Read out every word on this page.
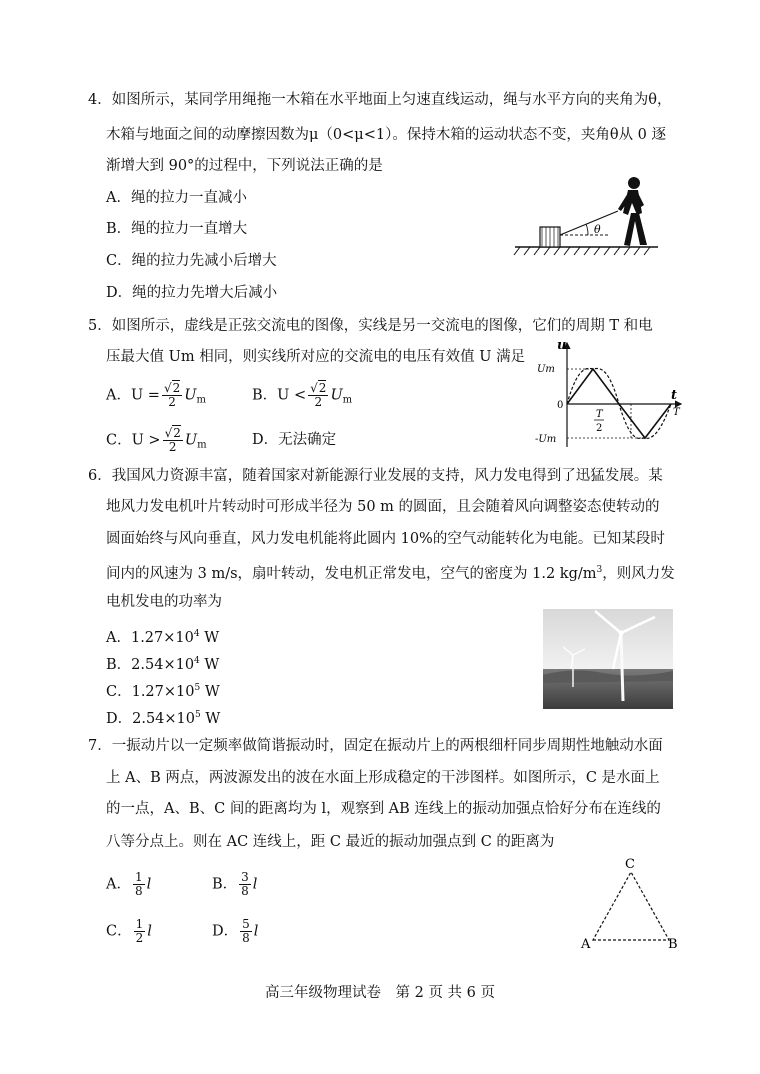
4．如图所示，某同学用绳拖一木箱在水平地面上匀速直线运动，绳与水平方向的夹角为θ，
木箱与地面之间的动摩擦因数为μ（0<μ<1）。保持木箱的运动状态不变，夹角θ从 0 逐
渐增大到 90°的过程中，下列说法正确的是
A．绳的拉力一直减小
B．绳的拉力一直增大
C．绳的拉力先减小后增大
D．绳的拉力先增大后减小
θ
5．如图所示，虚线是正弦交流电的图像，实线是另一交流电的图像，它们的周期 T 和电
压最大值 Um 相同，则实线所对应的交流电的电压有效值 U 满足
A．$U = \frac{√2}{2} U_m$	B．$U < \frac{√2}{2} U_m$
C．$U > \frac{√2}{2} U_m$	D．无法确定
u
t
Um
0
-Um
T
2
T
6．我国风力资源丰富，随着国家对新能源行业发展的支持，风力发电得到了迅猛发展。某
地风力发电机叶片转动时可形成半径为 50 m 的圆面，且会随着风向调整姿态使转动的
圆面始终与风向垂直，风力发电机能将此圆内 10%的空气动能转化为电能。已知某段时
间内的风速为 3 m/s，扇叶转动，发电机正常发电，空气的密度为 1.2 $kg/m^3$，则风力发
电机发电的功率为
A．$1.27\times 10^4$ W
B．$2.54\times 10^4$ W
C．$1.27\times 10^5$ W
D．$2.54\times 10^5$ W
7．一振动片以一定频率做简谐振动时，固定在振动片上的两根细杆同步周期性地触动水面
上 A、B 两点，两波源发出的波在水面上形成稳定的干涉图样。如图所示，C 是水面上
的一点，A、B、C 间的距离均为 l，观察到 AB 连线上的振动加强点恰好分布在连线的
八等分点上。则在 AC 连线上，距 C 最近的振动加强点到 C 的距离为
A． $\frac{1}{8}$ l	B． $\frac{3}{8}$ l
C． $\frac{1}{2}$ l	D． $\frac{5}{8}$ l
C
A	B
高三年级物理试卷　第 2 页 共 6 页
